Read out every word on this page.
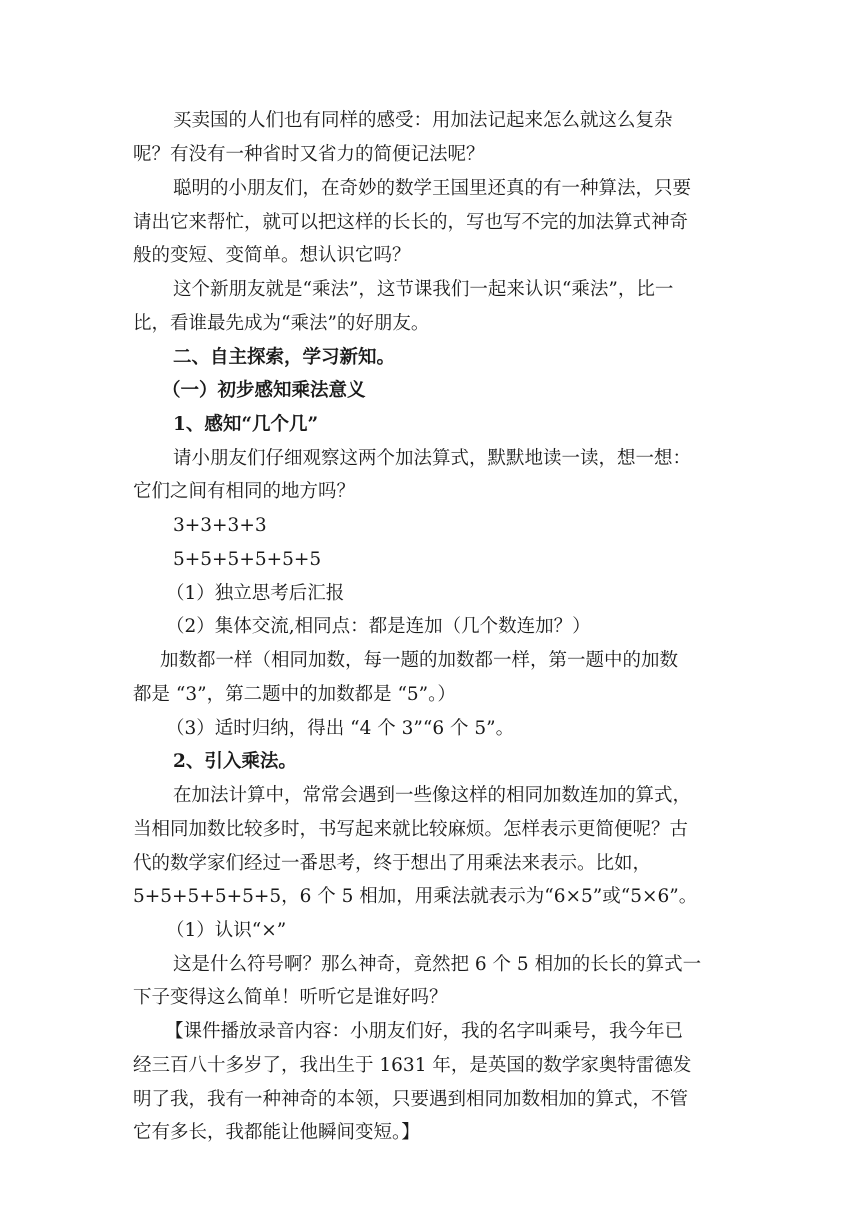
买卖国的人们也有同样的感受：用加法记起来怎么就这么复杂
呢？有没有一种省时又省力的简便记法呢？
聪明的小朋友们，在奇妙的数学王国里还真的有一种算法，只要
请出它来帮忙，就可以把这样的长长的，写也写不完的加法算式神奇
般的变短、变简单。想认识它吗？
这个新朋友就是“乘法”，这节课我们一起来认识“乘法”，比一
比，看谁最先成为“乘法”的好朋友。
二、自主探索，学习新知。
（一）初步感知乘法意义
1、感知“几个几”
请小朋友们仔细观察这两个加法算式，默默地读一读，想一想：
它们之间有相同的地方吗？
3+3+3+3
5+5+5+5+5+5
（1）独立思考后汇报
（2）集体交流,相同点：都是连加（几个数连加？）
加数都一样（相同加数，每一题的加数都一样，第一题中的加数
都是 “3”，第二题中的加数都是 “5”。）
（3）适时归纳，得出 “4 个 3”“6 个 5”。
2、引入乘法。
在加法计算中，常常会遇到一些像这样的相同加数连加的算式，
当相同加数比较多时，书写起来就比较麻烦。怎样表示更简便呢？古
代的数学家们经过一番思考，终于想出了用乘法来表示。比如，
5+5+5+5+5+5，6 个 5 相加，用乘法就表示为“6×5”或“5×6”。
（1）认识“×”
这是什么符号啊？那么神奇，竟然把 6 个 5 相加的长长的算式一
下子变得这么简单！听听它是谁好吗？
【课件播放录音内容：小朋友们好，我的名字叫乘号，我今年已
经三百八十多岁了，我出生于 1631 年，是英国的数学家奥特雷德发
明了我，我有一种神奇的本领，只要遇到相同加数相加的算式，不管
它有多长，我都能让他瞬间变短。】
